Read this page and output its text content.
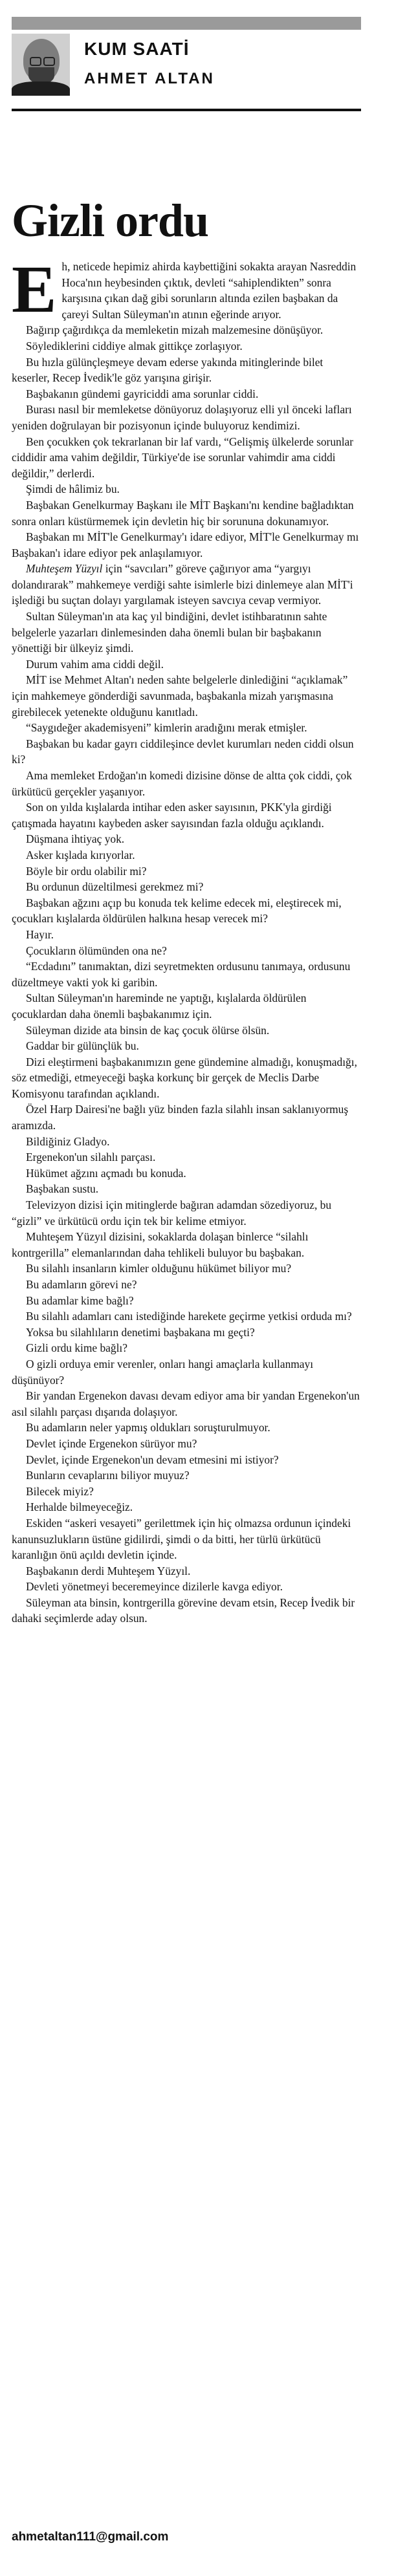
KUM SAATİ

AHMET ALTAN

Gizli ordu

Eh, neticede hepimiz ahirda kaybettiğini sokakta arayan Nasreddin Hoca'nın heybesinden çıktık, devleti “sahiplendikten” sonra karşısına çıkan dağ gibi sorunların altında ezilen başbakan da çareyi Sultan Süleyman'ın atının eğerinde arıyor.

Bağırıp çağırdıkça da memleketin mizah malzemesine dönüşüyor.

Söylediklerini ciddiye almak gittikçe zorlaşıyor.

Bu hızla gülünçleşmeye devam ederse yakında mitinglerinde bilet keserler, Recep İvedik'le göz yarışına girişir.

Başbakanın gündemi gayriciddi ama sorunlar ciddi.

Burası nasıl bir memleketse dönüyoruz dolaşıyoruz elli yıl önceki lafları yeniden doğrulayan bir pozisyonun içinde buluyoruz kendimizi.

Ben çocukken çok tekrarlanan bir laf vardı, “Gelişmiş ülkelerde sorunlar ciddidir ama vahim değildir, Türkiye'de ise sorunlar vahimdir ama ciddi değildir,” derlerdi.

Şimdi de hâlimiz bu.

Başbakan Genelkurmay Başkanı ile MİT Başkanı'nı kendine bağladıktan sonra onları küstürmemek için devletin hiç bir sorununa dokunamıyor.

Başbakan mı MİT'le Genelkurmay'ı idare ediyor, MİT'le Genelkurmay mı Başbakan'ı idare ediyor pek anlaşılamıyor.

Muhteşem Yüzyıl için “savcıları” göreve çağırıyor ama “yargıyı dolandırarak” mahkemeye verdiği sahte isimlerle bizi dinlemeye alan MİT'i işlediği bu suçtan dolayı yargılamak isteyen savcıya cevap vermiyor.

Sultan Süleyman'ın ata kaç yıl bindiğini, devlet istihbaratının sahte belgelerle yazarları dinlemesinden daha önemli bulan bir başbakanın yönettiği bir ülkeyiz şimdi.

Durum vahim ama ciddi değil.

MİT ise Mehmet Altan'ı neden sahte belgelerle dinlediğini “açıklamak” için mahkemeye gönderdiği savunmada, başbakanla mizah yarışmasına girebilecek yetenekte olduğunu kanıtladı.

“Saygıdeğer akademisyeni” kimlerin aradığını merak etmişler.

Başbakan bu kadar gayrı ciddileşince devlet kurumları neden ciddi olsun ki?

Ama memleket Erdoğan'ın komedi dizisine dönse de altta çok ciddi, çok ürkütücü gerçekler yaşanıyor.

Son on yılda kışlalarda intihar eden asker sayısının, PKK'yla girdiği çatışmada hayatını kaybeden asker sayısından fazla olduğu açıklandı.

Düşmana ihtiyaç yok.

Asker kışlada kırıyorlar.

Böyle bir ordu olabilir mi?

Bu ordunun düzeltilmesi gerekmez mi?

Başbakan ağzını açıp bu konuda tek kelime edecek mi, eleştirecek mi, çocukları kışlalarda öldürülen halkına hesap verecek mi?

Hayır.

Çocukların ölümünden ona ne?

“Ecdadını” tanımaktan, dizi seyretmekten ordusunu tanımaya, ordusunu düzeltmeye vakti yok ki garibin.

Sultan Süleyman'ın hareminde ne yaptığı, kışlalarda öldürülen çocuklardan daha önemli başbakanımız için.

Süleyman dizide ata binsin de kaç çocuk ölürse ölsün.

Gaddar bir gülünçlük bu.

Dizi eleştirmeni başbakanımızın gene gündemine almadığı, konuşmadığı, söz etmediği, etmeyeceği başka korkunç bir gerçek de Meclis Darbe Komisyonu tarafından açıklandı.

Özel Harp Dairesi'ne bağlı yüz binden fazla silahlı insan saklanıyormuş aramızda.

Bildiğiniz Gladyo.

Ergenekon'un silahlı parçası.

Hükümet ağzını açmadı bu konuda.

Başbakan sustu.

Televizyon dizisi için mitinglerde bağıran adamdan sözediyoruz, bu “gizli” ve ürkütücü ordu için tek bir kelime etmiyor.

Muhteşem Yüzyıl dizisini, sokaklarda dolaşan binlerce “silahlı kontrgerilla” elemanlarından daha tehlikeli buluyor bu başbakan.

Bu silahlı insanların kimler olduğunu hükümet biliyor mu?

Bu adamların görevi ne?

Bu adamlar kime bağlı?

Bu silahlı adamları canı istediğinde harekete geçirme yetkisi orduda mı?

Yoksa bu silahlıların denetimi başbakana mı geçti?

Gizli ordu kime bağlı?

O gizli orduya emir verenler, onları hangi amaçlarla kullanmayı düşünüyor?

Bir yandan Ergenekon davası devam ediyor ama bir yandan Ergenekon'un asıl silahlı parçası dışarıda dolaşıyor.

Bu adamların neler yapmış oldukları soruşturulmuyor.

Devlet içinde Ergenekon sürüyor mu?

Devlet, içinde Ergenekon'un devam etmesini mi istiyor?

Bunların cevaplarını biliyor muyuz?

Bilecek miyiz?

Herhalde bilmeyeceğiz.

Eskiden “askeri vesayeti” gerilettmek için hiç olmazsa ordunun içindeki kanunsuzlukların üstüne gidilirdi, şimdi o da bitti, her türlü ürkütücü karanlığın önü açıldı devletin içinde.

Başbakanın derdi Muhteşem Yüzyıl.

Devleti yönetmeyi beceremeyince dizilerle kavga ediyor.

Süleyman ata binsin, kontrgerilla görevine devam etsin, Recep İvedik bir dahaki seçimlerde aday olsun.

ahmetaltan111@gmail.com
